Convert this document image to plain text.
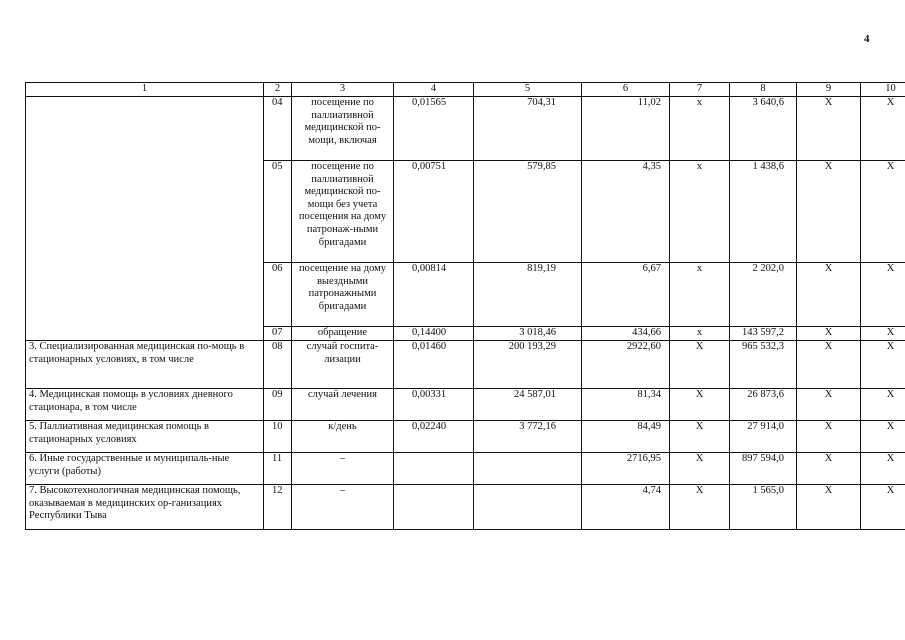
4
1	2	3	4	5	6	7	8	9	10
	04	посещение по паллиативной медицинской по-мощи, включая	0,01565	704,31	11,02	х	3 640,6	Х	Х
	05	посещение по паллиативной медицинской по-мощи без учета посещения на дому патронаж-ными бригадами	0,00751	579,85	4,35	х	1 438,6	Х	Х
	06	посещение на дому выездными патронажными бригадами	0,00814	819,19	6,67	х	2 202,0	Х	Х
	07	обращение	0,14400	3 018,46	434,66	х	143 597,2	Х	Х
3. Специализированная медицинская по-мощь в стационарных условиях, в том числе	08	случай госпита-лизации	0,01460	200 193,29	2922,60	Х	965 532,3	Х	Х
4. Медицинская помощь в условиях дневного стационара, в том числе	09	случай лечения	0,00331	24 587,01	81,34	Х	26 873,6	Х	Х
5. Паллиативная медицинская помощь в стационарных условиях	10	к/день	0,02240	3 772,16	84,49	Х	27 914,0	Х	Х
6. Иные государственные и муниципаль-ные услуги (работы)	11	–			2716,95	Х	897 594,0	Х	Х
7. Высокотехнологичная медицинская помощь, оказываемая в медицинских ор-ганизациях Республики Тыва	12	–			4,74	Х	1 565,0	Х	Х
